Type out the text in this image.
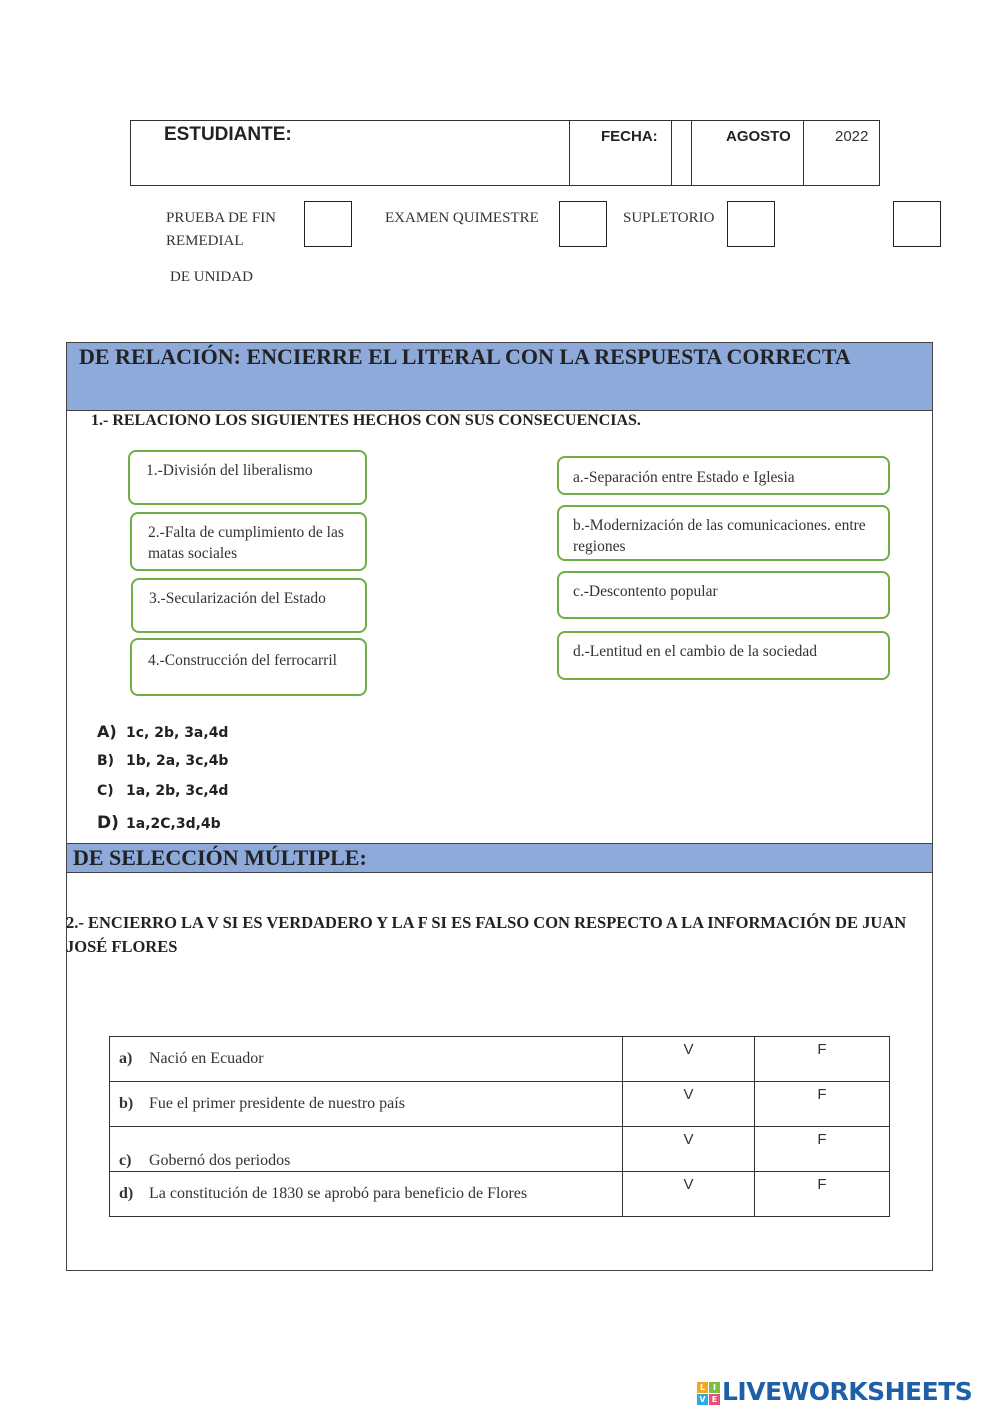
ESTUDIANTE:	FECHA:	AGOSTO	2022
PRUEBA DE FIN
REMEDIAL
DE UNIDAD
EXAMEN QUIMESTRE	SUPLETORIO
DE RELACIÓN: ENCIERRE EL LITERAL CON LA RESPUESTA CORRECTA
1.- RELACIONO LOS SIGUIENTES HECHOS CON SUS CONSECUENCIAS.
1.-División del liberalismo
2.-Falta de cumplimiento de las matas sociales
3.-Secularización del Estado
4.-Construcción del ferrocarril
a.-Separación entre Estado e Iglesia
b.-Modernización de las comunicaciones. entre regiones
c.-Descontento popular
d.-Lentitud en el cambio de la sociedad
A) 1c, 2b, 3a,4d
B) 1b, 2a, 3c,4b
C) 1a, 2b, 3c,4d
D) 1a,2C,3d,4b
DE SELECCIÓN MÚLTIPLE:
2.- ENCIERRO LA V SI ES VERDADERO Y LA F SI ES FALSO CON RESPECTO A LA INFORMACIÓN DE JUAN JOSÉ FLORES
a) Nació en Ecuador	V	F
b) Fue el primer presidente de nuestro país	V	F
c) Gobernó dos periodos	V	F
d) La constitución de 1830 se aprobó para beneficio de Flores	V	F
L I
V E LIVEWORKSHEETS
